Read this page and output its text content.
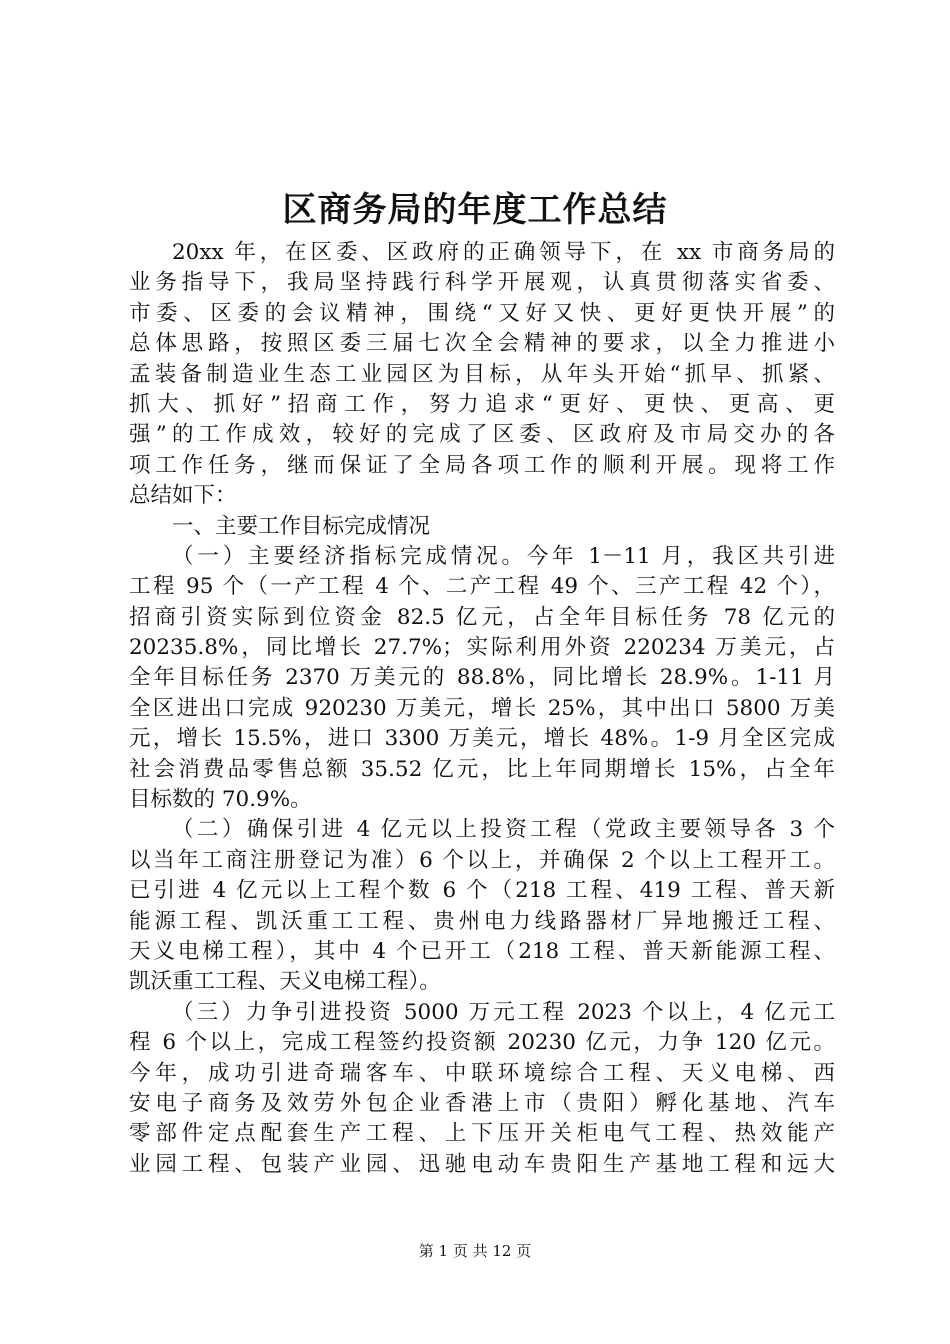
区商务局的年度工作总结
20xx 年，在区委、区政府的正确领导下，在 xx 市商务局的
业务指导下，我局坚持践行科学开展观，认真贯彻落实省委、
市委、区委的会议精神，围绕“又好又快、更好更快开展”的
总体思路，按照区委三届七次全会精神的要求，以全力推进小
孟装备制造业生态工业园区为目标，从年头开始“抓早、抓紧、
抓大、抓好”招商工作，努力追求“更好、更快、更高、更
强”的工作成效，较好的完成了区委、区政府及市局交办的各
项工作任务，继而保证了全局各项工作的顺利开展。现将工作
总结如下：
一、主要工作目标完成情况
（一）主要经济指标完成情况。今年 1－11 月，我区共引进
工程 95 个（一产工程 4 个、二产工程 49 个、三产工程 42 个），
招商引资实际到位资金 82.5 亿元，占全年目标任务 78 亿元的
20235.8%，同比增长 27.7%；实际利用外资 220234 万美元，占
全年目标任务 2370 万美元的 88.8%，同比增长 28.9%。1-11 月
全区进出口完成 920230 万美元，增长 25%，其中出口 5800 万美
元，增长 15.5%，进口 3300 万美元，增长 48%。1-9 月全区完成
社会消费品零售总额 35.52 亿元，比上年同期增长 15%，占全年
目标数的 70.9%。
（二）确保引进 4 亿元以上投资工程（党政主要领导各 3 个
以当年工商注册登记为准）6 个以上，并确保 2 个以上工程开工。
已引进 4 亿元以上工程个数 6 个（218 工程、419 工程、普天新
能源工程、凯沃重工工程、贵州电力线路器材厂异地搬迁工程、
天义电梯工程），其中 4 个已开工（218 工程、普天新能源工程、
凯沃重工工程、天义电梯工程）。
（三）力争引进投资 5000 万元工程 2023 个以上，4 亿元工
程 6 个以上，完成工程签约投资额 20230 亿元，力争 120 亿元。
今年，成功引进奇瑞客车、中联环境综合工程、天义电梯、西
安电子商务及效劳外包企业香港上市（贵阳）孵化基地、汽车
零部件定点配套生产工程、上下压开关柜电气工程、热效能产
业园工程、包装产业园、迅驰电动车贵阳生产基地工程和远大
第 1 页 共 12 页
